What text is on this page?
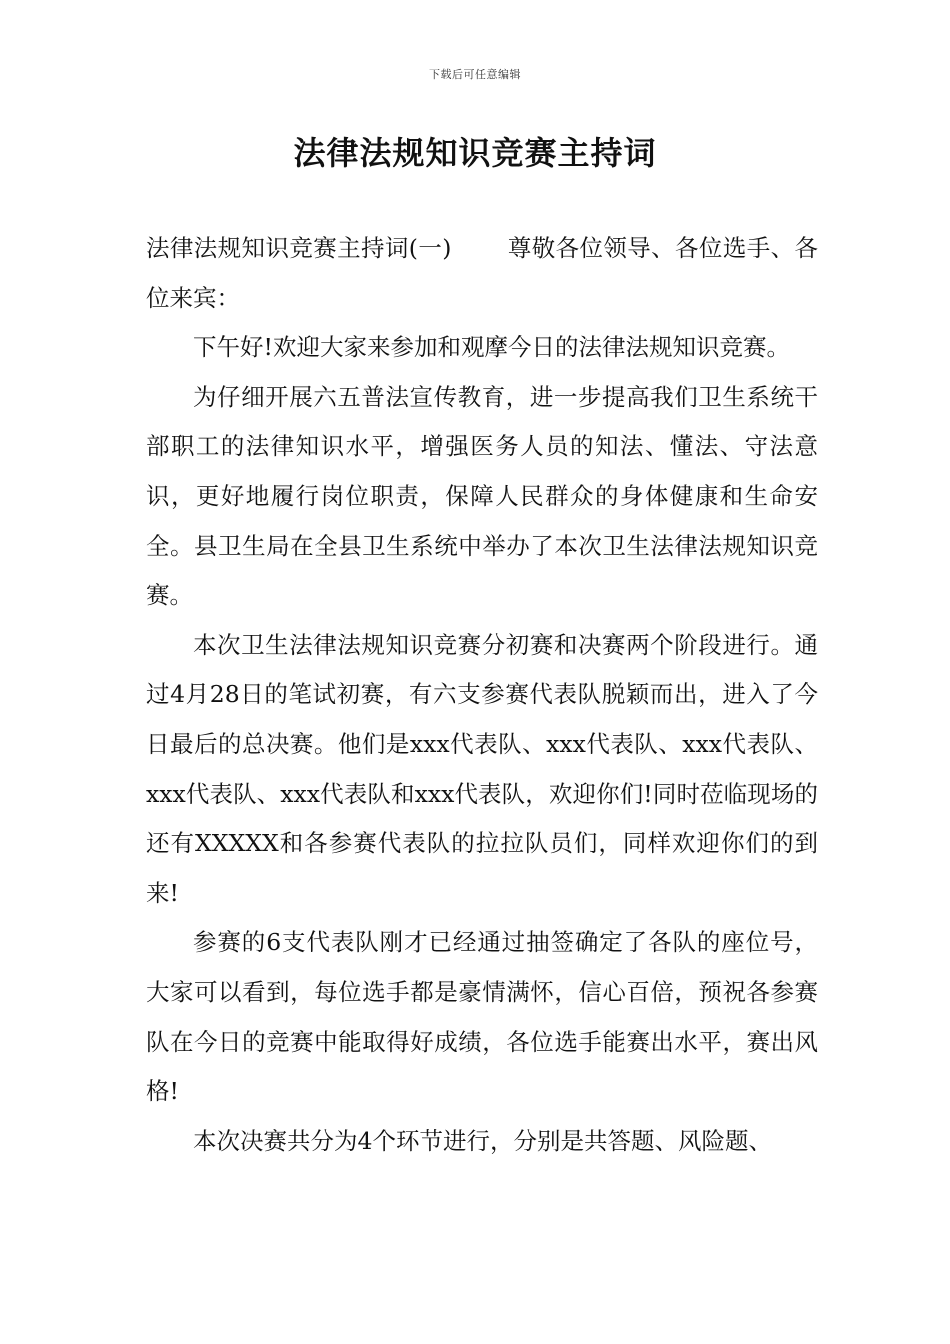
下载后可任意编辑
法律法规知识竞赛主持词

法律法规知识竞赛主持词(一) 尊敬各位领导、各位选手、各位来宾：

下午好!欢迎大家来参加和观摩今日的法律法规知识竞赛。

为仔细开展六五普法宣传教育，进一步提高我们卫生系统干部职工的法律知识水平，增强医务人员的知法、懂法、守法意识，更好地履行岗位职责，保障人民群众的身体健康和生命安全。县卫生局在全县卫生系统中举办了本次卫生法律法规知识竞赛。

本次卫生法律法规知识竞赛分初赛和决赛两个阶段进行。通过4月28日的笔试初赛，有六支参赛代表队脱颖而出，进入了今日最后的总决赛。他们是xxx代表队、xxx代表队、xxx代表队、xxx代表队、xxx代表队和xxx代表队，欢迎你们!同时莅临现场的还有XXXXX和各参赛代表队的拉拉队员们，同样欢迎你们的到来!

参赛的6支代表队刚才已经通过抽签确定了各队的座位号，大家可以看到，每位选手都是豪情满怀，信心百倍，预祝各参赛队在今日的竞赛中能取得好成绩，各位选手能赛出水平，赛出风格!

本次决赛共分为4个环节进行，分别是共答题、风险题、
